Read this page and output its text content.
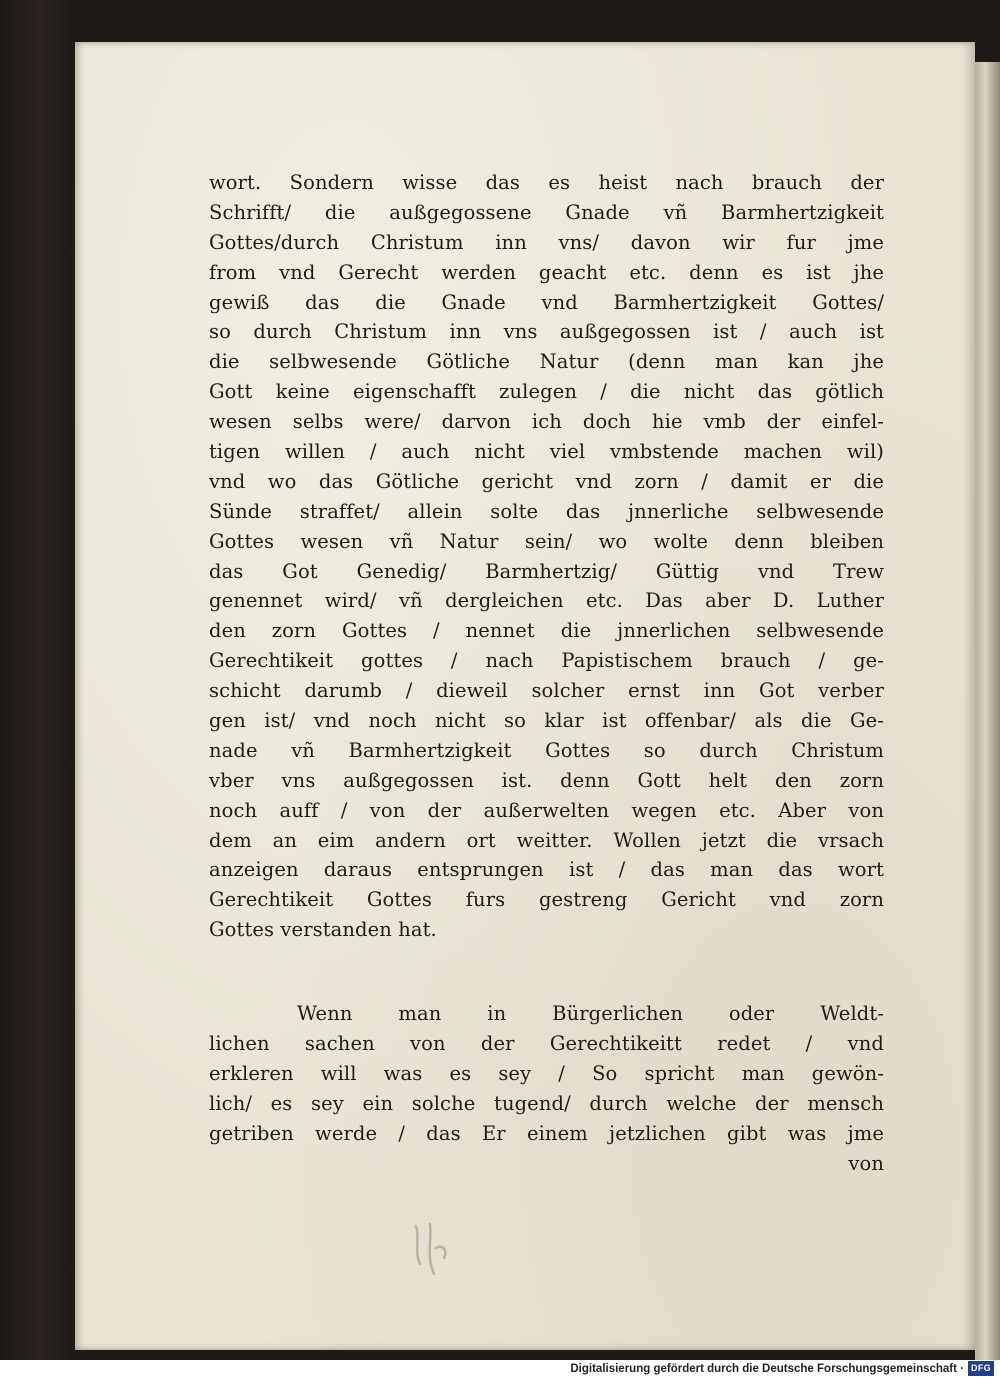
wort. Sondern wisse das es heist nach brauch der
Schrifft/ die außgegossene Gnade vñ Barmhertzigkeit
Gottes/durch Christum inn vns/ davon wir fur jme
from vnd Gerecht werden geacht etc. denn es ist jhe
gewiß das die Gnade vnd Barmhertzigkeit Gottes/
so durch Christum inn vns außgegossen ist / auch ist
die selbwesende Götliche Natur (denn man kan jhe
Gott keine eigenschafft zulegen / die nicht das götlich
wesen selbs were/ darvon ich doch hie vmb der einfel-
tigen willen / auch nicht viel vmbstende machen wil)
vnd wo das Götliche gericht vnd zorn / damit er die
Sünde straffet/ allein solte das jnnerliche selbwesende
Gottes wesen vñ Natur sein/ wo wolte denn bleiben
das Got Genedig/ Barmhertzig/ Güttig vnd Trew
genennet wird/ vñ dergleichen etc. Das aber D. Luther
den zorn Gottes / nennet die jnnerlichen selbwesende
Gerechtikeit gottes / nach Papistischem brauch / ge-
schicht darumb / dieweil solcher ernst inn Got verber
gen ist/ vnd noch nicht so klar ist offenbar/ als die Ge-
nade vñ Barmhertzigkeit Gottes so durch Christum
vber vns außgegossen ist. denn Gott helt den zorn
noch auff / von der außerwelten wegen etc. Aber von
dem an eim andern ort weitter. Wollen jetzt die vrsach
anzeigen daraus entsprungen ist / das man das wort
Gerechtikeit Gottes furs gestreng Gericht vnd zorn
Gottes verstanden hat.
Wenn man in Bürgerlichen oder Weldt-
lichen sachen von der Gerechtikeitt redet / vnd
erkleren will was es sey / So spricht man gewön-
lich/ es sey ein solche tugend/ durch welche der mensch
getriben werde / das Er einem jetzlichen gibt was jme
von
Digitalisierung gefördert durch die Deutsche Forschungsgemeinschaft · DFG
